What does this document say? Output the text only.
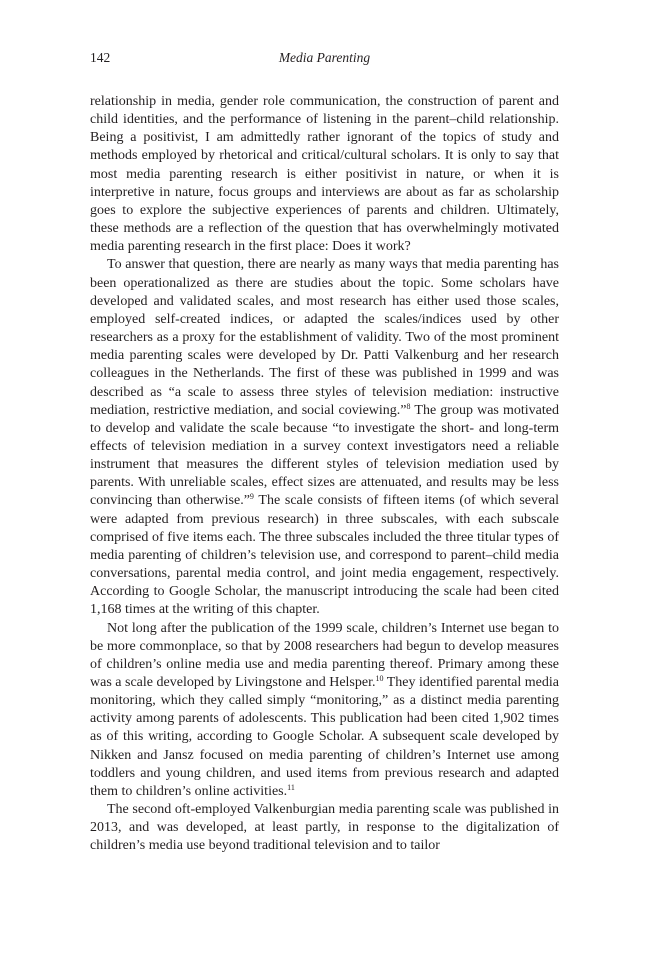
142	Media Parenting

relationship in media, gender role communication, the construction of parent and child identities, and the performance of listening in the parent–child relationship. Being a positivist, I am admittedly rather ignorant of the topics of study and methods employed by rhetorical and critical/cultural scholars. It is only to say that most media parenting research is either positivist in nature, or when it is interpretive in nature, focus groups and interviews are about as far as scholarship goes to explore the subjective experiences of parents and children. Ultimately, these methods are a reflection of the question that has overwhelmingly motivated media parenting research in the first place: Does it work?

To answer that question, there are nearly as many ways that media parenting has been operationalized as there are studies about the topic. Some scholars have developed and validated scales, and most research has either used those scales, employed self-created indices, or adapted the scales/indices used by other researchers as a proxy for the establishment of validity. Two of the most prominent media parenting scales were developed by Dr. Patti Valkenburg and her research colleagues in the Netherlands. The first of these was published in 1999 and was described as “a scale to assess three styles of television mediation: instructive mediation, restrictive mediation, and social coviewing.”$^8$ The group was motivated to develop and validate the scale because “to investigate the short- and long-term effects of television mediation in a survey context investigators need a reliable instrument that measures the different styles of television mediation used by parents. With unreliable scales, effect sizes are attenuated, and results may be less convincing than otherwise.”$^9$ The scale consists of fifteen items (of which several were adapted from previous research) in three subscales, with each subscale comprised of five items each. The three subscales included the three titular types of media parenting of children’s television use, and correspond to parent–child media conversations, parental media control, and joint media engagement, respectively. According to Google Scholar, the manuscript introducing the scale had been cited 1,168 times at the writing of this chapter.

Not long after the publication of the 1999 scale, children’s Internet use began to be more commonplace, so that by 2008 researchers had begun to develop measures of children’s online media use and media parenting thereof. Primary among these was a scale developed by Livingstone and Helsper.$^{10}$ They identified parental media monitoring, which they called simply “monitoring,” as a distinct media parenting activity among parents of adolescents. This publication had been cited 1,902 times as of this writing, according to Google Scholar. A subsequent scale developed by Nikken and Jansz focused on media parenting of children’s Internet use among toddlers and young children, and used items from previous research and adapted them to children’s online activities.$^{11}$

The second oft-employed Valkenburgian media parenting scale was published in 2013, and was developed, at least partly, in response to the digitalization of children’s media use beyond traditional television and to tailor
